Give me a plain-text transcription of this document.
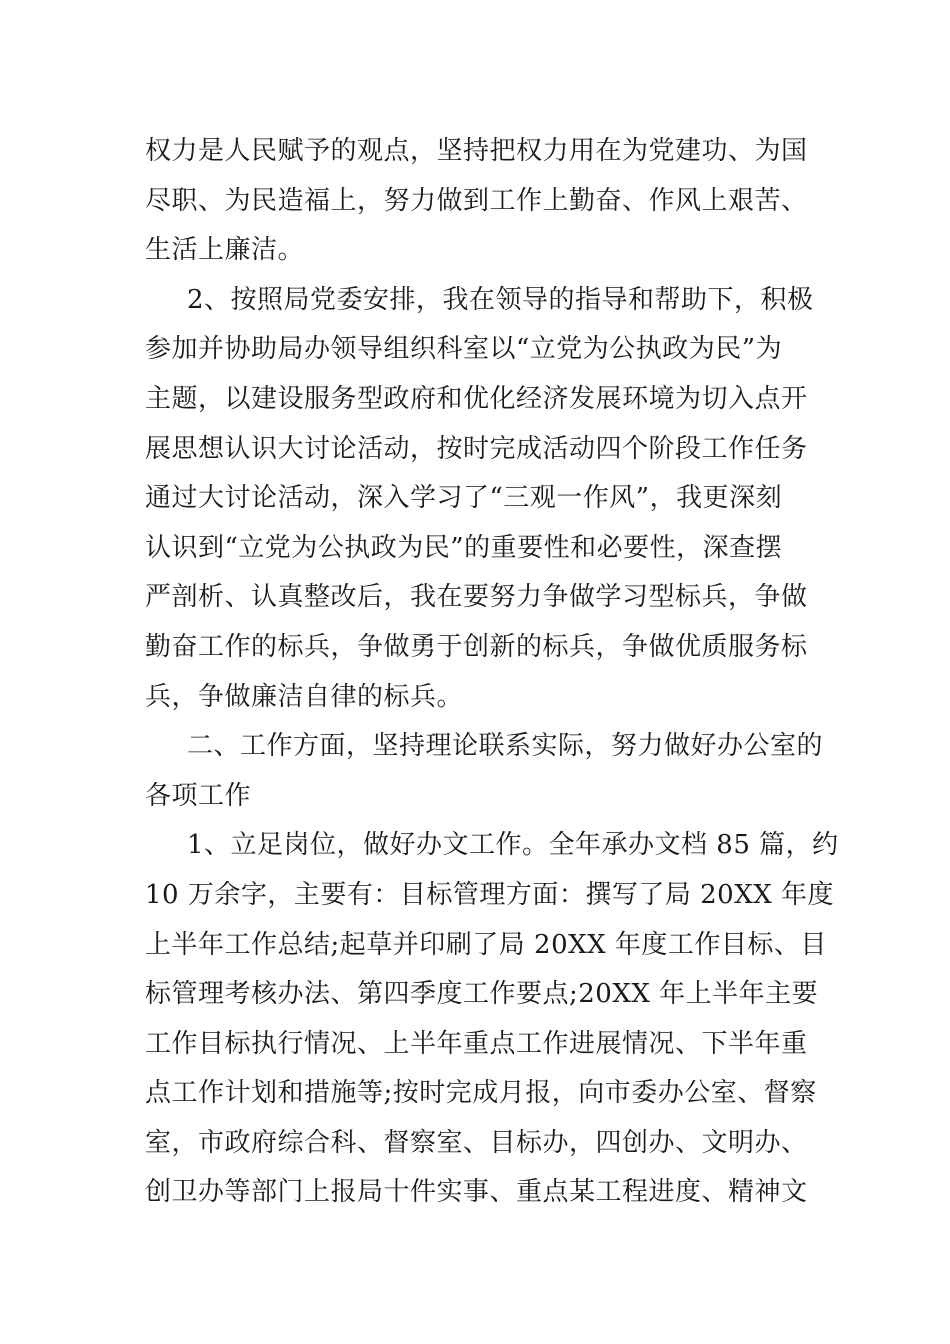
权力是人民赋予的观点，坚持把权力用在为党建功、为国
尽职、为民造福上，努力做到工作上勤奋、作风上艰苦、
生活上廉洁。
2、按照局党委安排，我在领导的指导和帮助下，积极
参加并协助局办领导组织科室以“立党为公执政为民”为
主题，以建设服务型政府和优化经济发展环境为切入点开
展思想认识大讨论活动，按时完成活动四个阶段工作任务
通过大讨论活动，深入学习了“三观一作风”，我更深刻
认识到“立党为公执政为民”的重要性和必要性，深查摆
严剖析、认真整改后，我在要努力争做学习型标兵，争做
勤奋工作的标兵，争做勇于创新的标兵，争做优质服务标
兵，争做廉洁自律的标兵。
二、工作方面，坚持理论联系实际，努力做好办公室的
各项工作
1、立足岗位，做好办文工作。全年承办文档 85 篇，约
10 万余字，主要有：目标管理方面：撰写了局 20XX 年度
上半年工作总结;起草并印刷了局 20XX 年度工作目标、目
标管理考核办法、第四季度工作要点;20XX 年上半年主要
工作目标执行情况、上半年重点工作进展情况、下半年重
点工作计划和措施等;按时完成月报，向市委办公室、督察
室，市政府综合科、督察室、目标办，四创办、文明办、
创卫办等部门上报局十件实事、重点某工程进度、精神文
